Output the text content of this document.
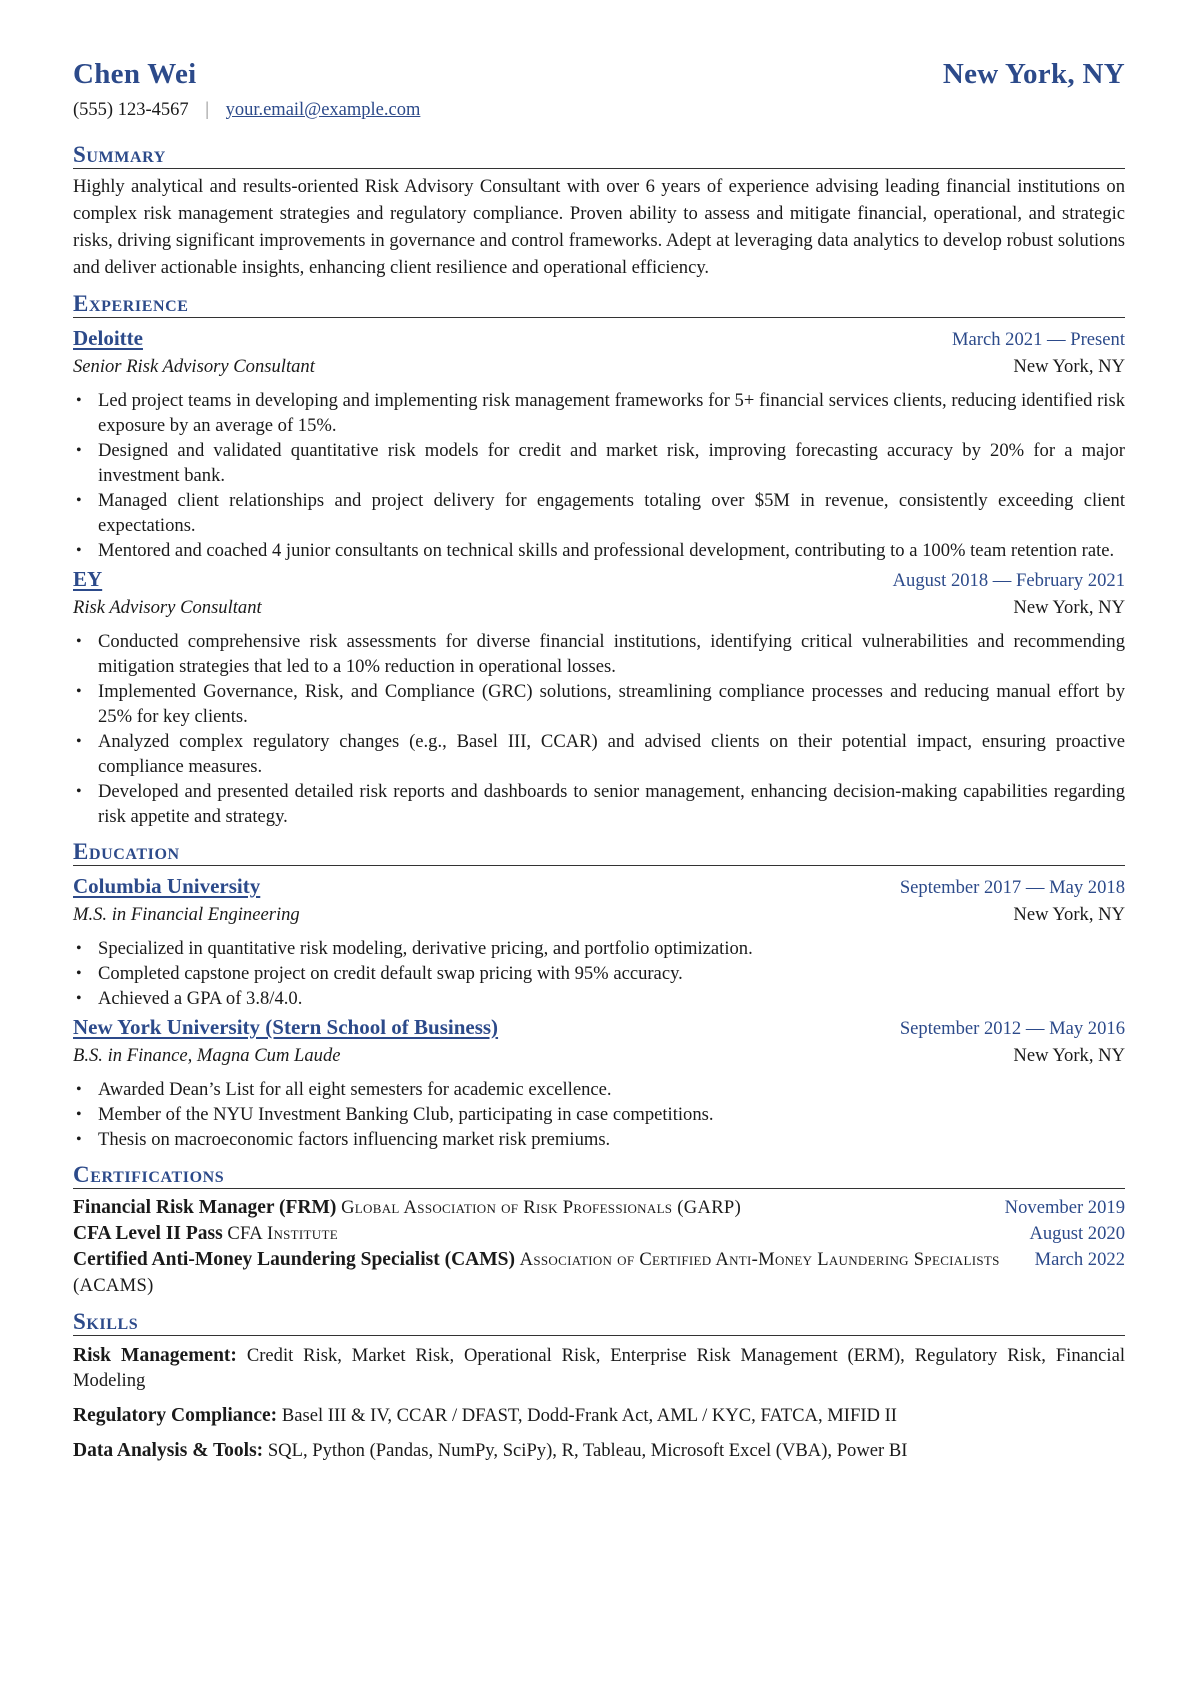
Chen Wei	New York, NY
(555) 123-4567 | your.email@example.com
Summary
Highly analytical and results-oriented Risk Advisory Consultant with over 6 years of experience advising leading financial institutions on complex risk management strategies and regulatory compliance. Proven ability to assess and mitigate financial, operational, and strategic risks, driving significant improvements in governance and control frameworks. Adept at leveraging data analytics to develop robust solutions and deliver actionable insights, enhancing client resilience and operational efficiency.
Experience
Deloitte	March 2021 — Present
Senior Risk Advisory Consultant	New York, NY
• Led project teams in developing and implementing risk management frameworks for 5+ financial services clients, reducing identified risk exposure by an average of 15%.
• Designed and validated quantitative risk models for credit and market risk, improving forecasting accuracy by 20% for a major investment bank.
• Managed client relationships and project delivery for engagements totaling over $5M in revenue, consistently exceeding client expectations.
• Mentored and coached 4 junior consultants on technical skills and professional development, contributing to a 100% team retention rate.
EY	August 2018 — February 2021
Risk Advisory Consultant	New York, NY
• Conducted comprehensive risk assessments for diverse financial institutions, identifying critical vulnerabilities and recommending mitigation strategies that led to a 10% reduction in operational losses.
• Implemented Governance, Risk, and Compliance (GRC) solutions, streamlining compliance processes and reducing manual effort by 25% for key clients.
• Analyzed complex regulatory changes (e.g., Basel III, CCAR) and advised clients on their potential impact, ensuring proactive compliance measures.
• Developed and presented detailed risk reports and dashboards to senior management, enhancing decision-making capabilities regarding risk appetite and strategy.
Education
Columbia University	September 2017 — May 2018
M.S. in Financial Engineering	New York, NY
• Specialized in quantitative risk modeling, derivative pricing, and portfolio optimization.
• Completed capstone project on credit default swap pricing with 95% accuracy.
• Achieved a GPA of 3.8/4.0.
New York University (Stern School of Business)	September 2012 — May 2016
B.S. in Finance, Magna Cum Laude	New York, NY
• Awarded Dean’s List for all eight semesters for academic excellence.
• Member of the NYU Investment Banking Club, participating in case competitions.
• Thesis on macroeconomic factors influencing market risk premiums.
Certifications
Financial Risk Manager (FRM) Global Association of Risk Professionals (GARP)	November 2019
CFA Level II Pass CFA Institute	August 2020
Certified Anti-Money Laundering Specialist (CAMS) Association of Certified Anti-Money Laundering Specialists (ACAMS)
March 2022
Skills
Risk Management: Credit Risk, Market Risk, Operational Risk, Enterprise Risk Management (ERM), Regulatory Risk, Financial Modeling
Regulatory Compliance: Basel III & IV, CCAR / DFAST, Dodd-Frank Act, AML / KYC, FATCA, MIFID II
Data Analysis & Tools: SQL, Python (Pandas, NumPy, SciPy), R, Tableau, Microsoft Excel (VBA), Power BI
